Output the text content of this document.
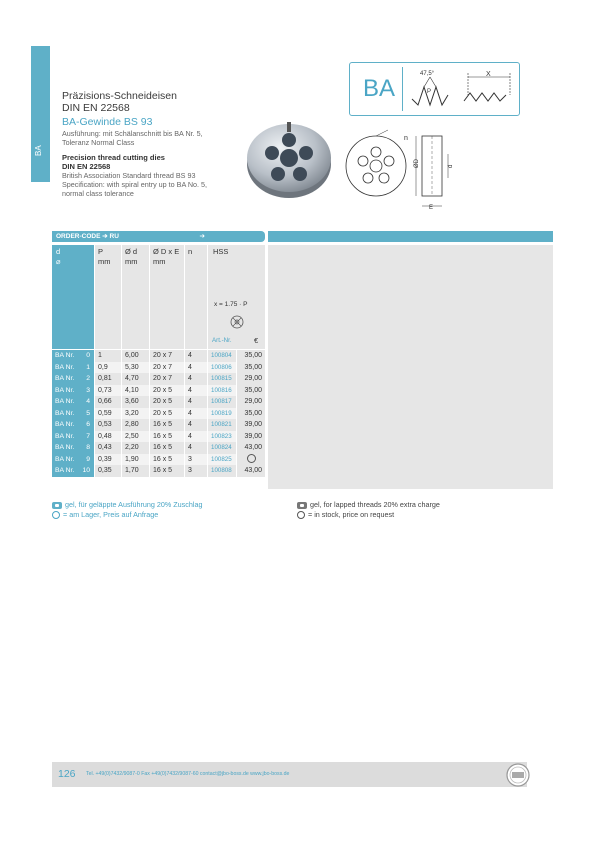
BA
Präzisions-Schneideisen
DIN EN 22568
BA-Gewinde BS 93
Ausführung: mit Schälanschnitt bis BA Nr. 5,
Toleranz Normal Class
Precision thread cutting dies
DIN EN 22568
British Association Standard thread BS 93
Specification: with spiral entry up to BA No. 5,
normal class tolerance
BA
47,5°
P
X
n
ØD	d
E
ORDER-CODE ➔ RU	➔
d
⌀
P
mm
Ø d
mm
Ø D x E
mm
n	HSS
x = 1.75 · P
Art.-Nr.	€
BA Nr. 0	1	6,00	20 x 7	4	100804	35,00
BA Nr. 1	0,9	5,30	20 x 7	4	100806	35,00
BA Nr. 2	0,81	4,70	20 x 7	4	100815	29,00
BA Nr. 3	0,73	4,10	20 x 5	4	100816	35,00
BA Nr. 4	0,66	3,60	20 x 5	4	100817	29,00
BA Nr. 5	0,59	3,20	20 x 5	4	100819	35,00
BA Nr. 6	0,53	2,80	16 x 5	4	100821	39,00
BA Nr. 7	0,48	2,50	16 x 5	4	100823	39,00
BA Nr. 8	0,43	2,20	16 x 5	4	100824	43,00
BA Nr. 9	0,39	1,90	16 x 5	3	100825
BA Nr. 10	0,35	1,70	16 x 5	3	100808	43,00
gel, für geläppte Ausführung 20% Zuschlag
= am Lager, Preis auf Anfrage
gel, for lapped threads 20% extra charge
= in stock, price on request
126 Tel. +49(0)7432/9087-0 Fax +49(0)7432/9087-60 contact@jbo-boss.de www.jbo-boss.de
